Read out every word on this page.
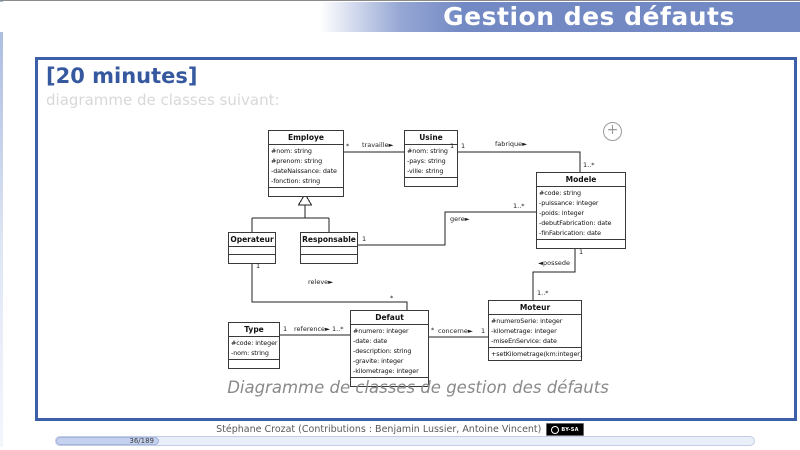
Gestion des défauts
[20 minutes]
diagramme de classes suivant:
+
Employe
#nom: string
#prenom: string
-dateNaissance: date
-fonction: string
Usine
#nom: string
-pays: string
-ville: string
Modele
#code: string
-puissance: integer
-poids: integer
-debutFabrication: date
-finFabrication: date
Operateur	Responsable
Type
#code: integer
-nom: string
Defaut
#numero: integer
-date: date
-description: string
-gravite: integer
-kilometrage: integer
Moteur
#numeroSerie: integer
-kilometrage: integer
-miseEnService: date
+setKilometrage(km:integer)
* travaille►	1 1	fabrique►
1..*
1
gere►
1..*
1
◄possede
1..*
1
releve►
*
1 reference► 1..*	* concerne► 1
Diagramme de classes de gestion des défauts
Stéphane Crozat (Contributions : Benjamin Lussier, Antoine Vincent)	BY-SA
36/189
